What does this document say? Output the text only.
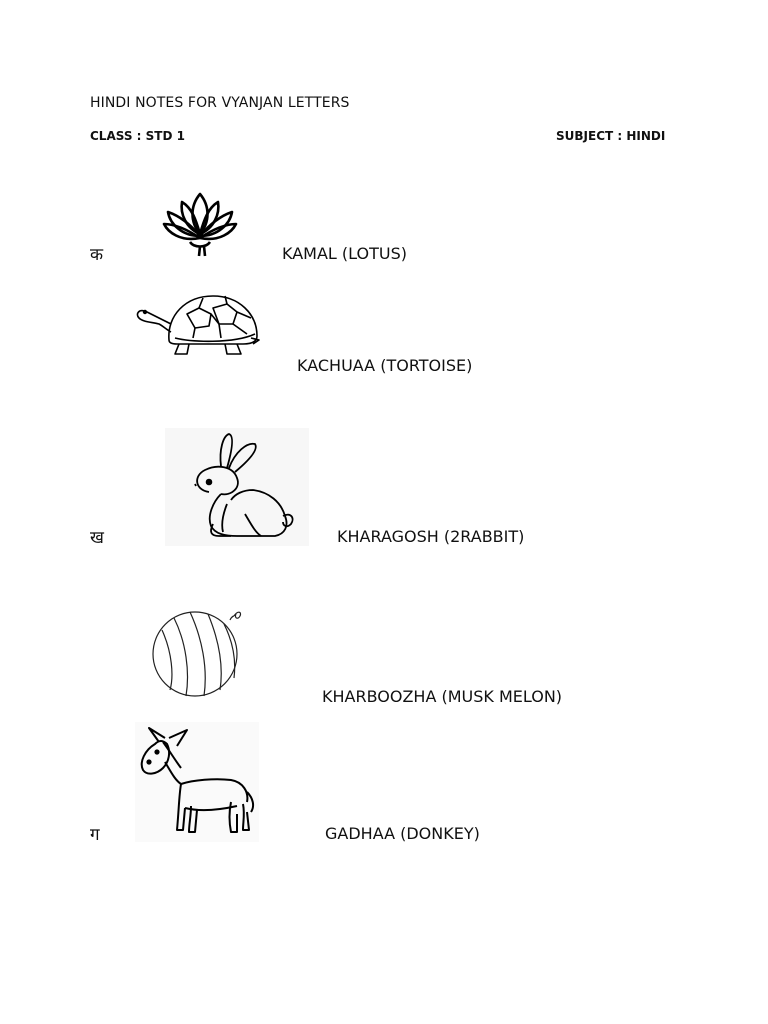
HINDI NOTES FOR VYANJAN LETTERS
CLASS : STD 1	SUBJECT : HINDI
क	KAMAL (LOTUS)
KACHUAA (TORTOISE)
ख	KHARAGOSH (2RABBIT)
KHARBOOZHA (MUSK MELON)
ग	GADHAA (DONKEY)
